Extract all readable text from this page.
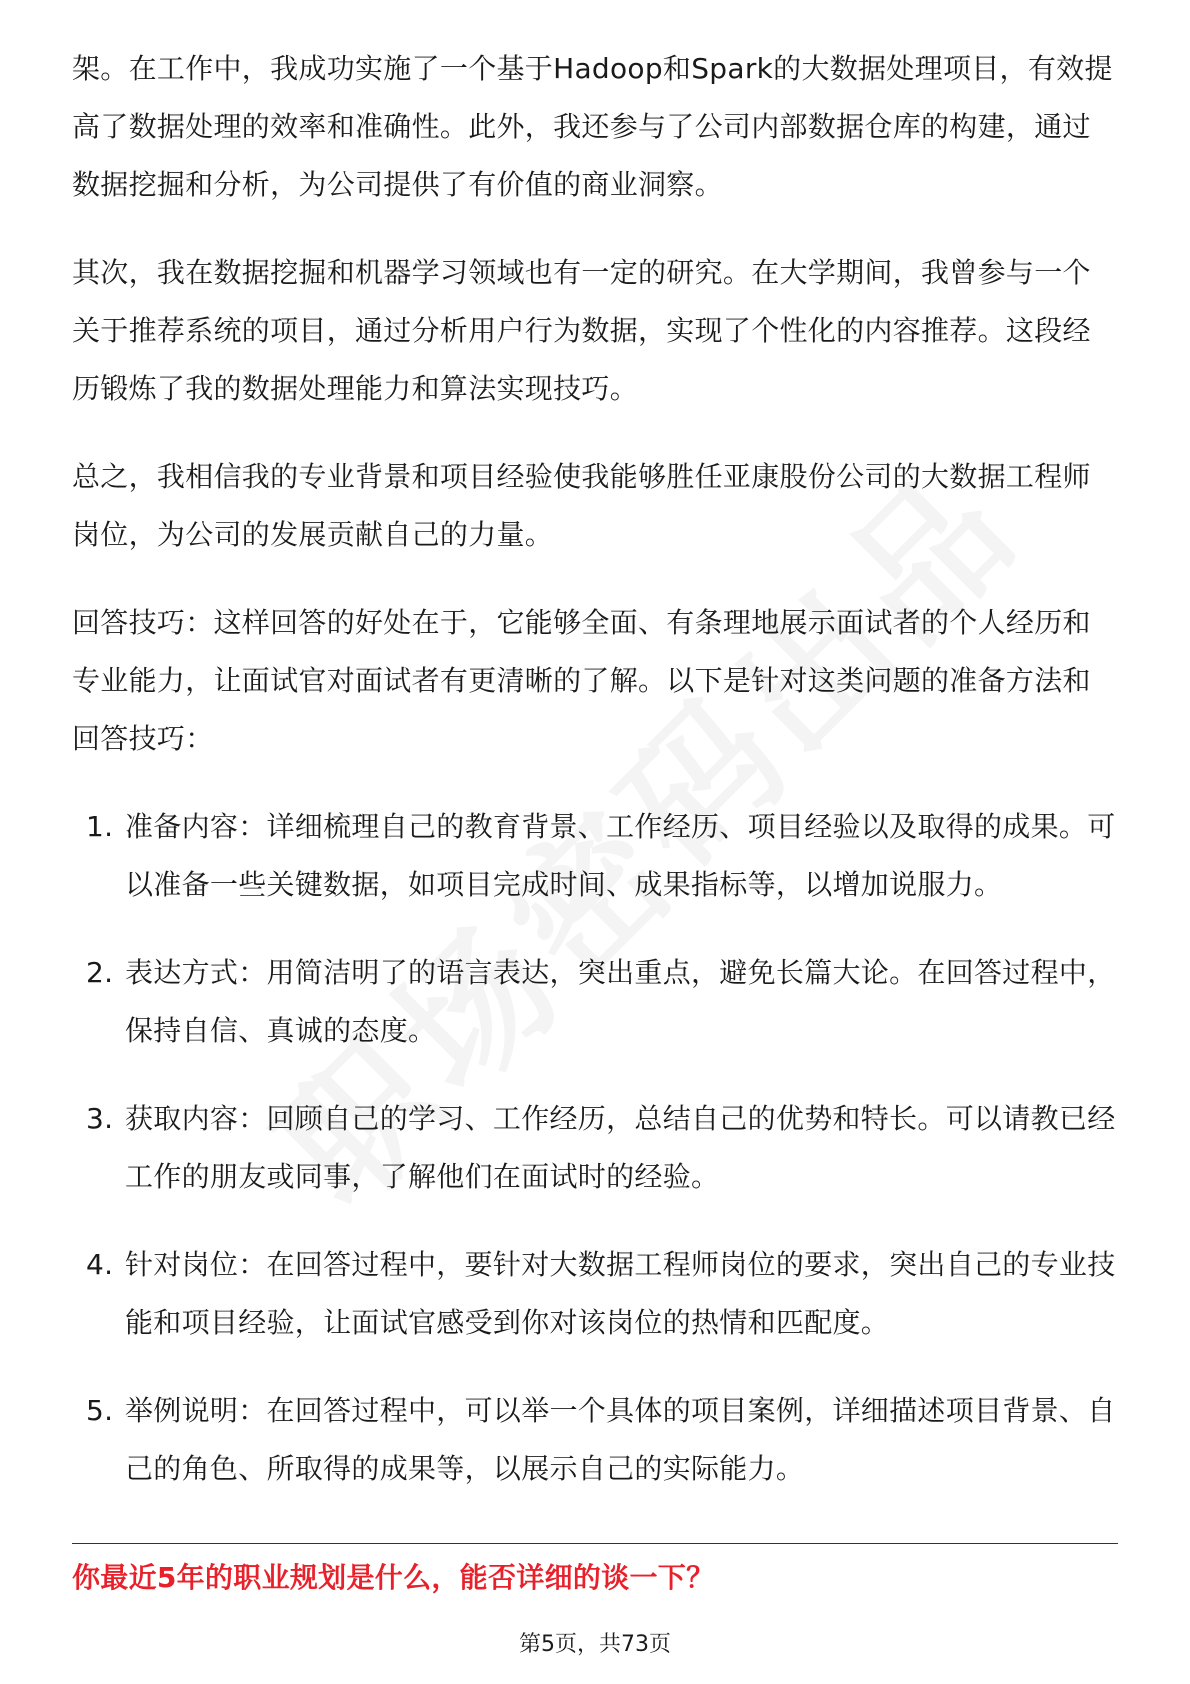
架。在工作中，我成功实施了一个基于Hadoop和Spark的大数据处理项目，有效提高了数据处理的效率和准确性。此外，我还参与了公司内部数据仓库的构建，通过数据挖掘和分析，为公司提供了有价值的商业洞察。

其次，我在数据挖掘和机器学习领域也有一定的研究。在大学期间，我曾参与一个关于推荐系统的项目，通过分析用户行为数据，实现了个性化的内容推荐。这段经历锻炼了我的数据处理能力和算法实现技巧。

总之，我相信我的专业背景和项目经验使我能够胜任亚康股份公司的大数据工程师岗位，为公司的发展贡献自己的力量。

回答技巧：这样回答的好处在于，它能够全面、有条理地展示面试者的个人经历和专业能力，让面试官对面试者有更清晰的了解。以下是针对这类问题的准备方法和回答技巧：

1. 准备内容：详细梳理自己的教育背景、工作经历、项目经验以及取得的成果。可以准备一些关键数据，如项目完成时间、成果指标等，以增加说服力。
2. 表达方式：用简洁明了的语言表达，突出重点，避免长篇大论。在回答过程中，保持自信、真诚的态度。
3. 获取内容：回顾自己的学习、工作经历，总结自己的优势和特长。可以请教已经工作的朋友或同事，了解他们在面试时的经验。
4. 针对岗位：在回答过程中，要针对大数据工程师岗位的要求，突出自己的专业技能和项目经验，让面试官感受到你对该岗位的热情和匹配度。
5. 举例说明：在回答过程中，可以举一个具体的项目案例，详细描述项目背景、自己的角色、所取得的成果等，以展示自己的实际能力。
你最近5年的职业规划是什么，能否详细的谈一下？
第5页，共73页
